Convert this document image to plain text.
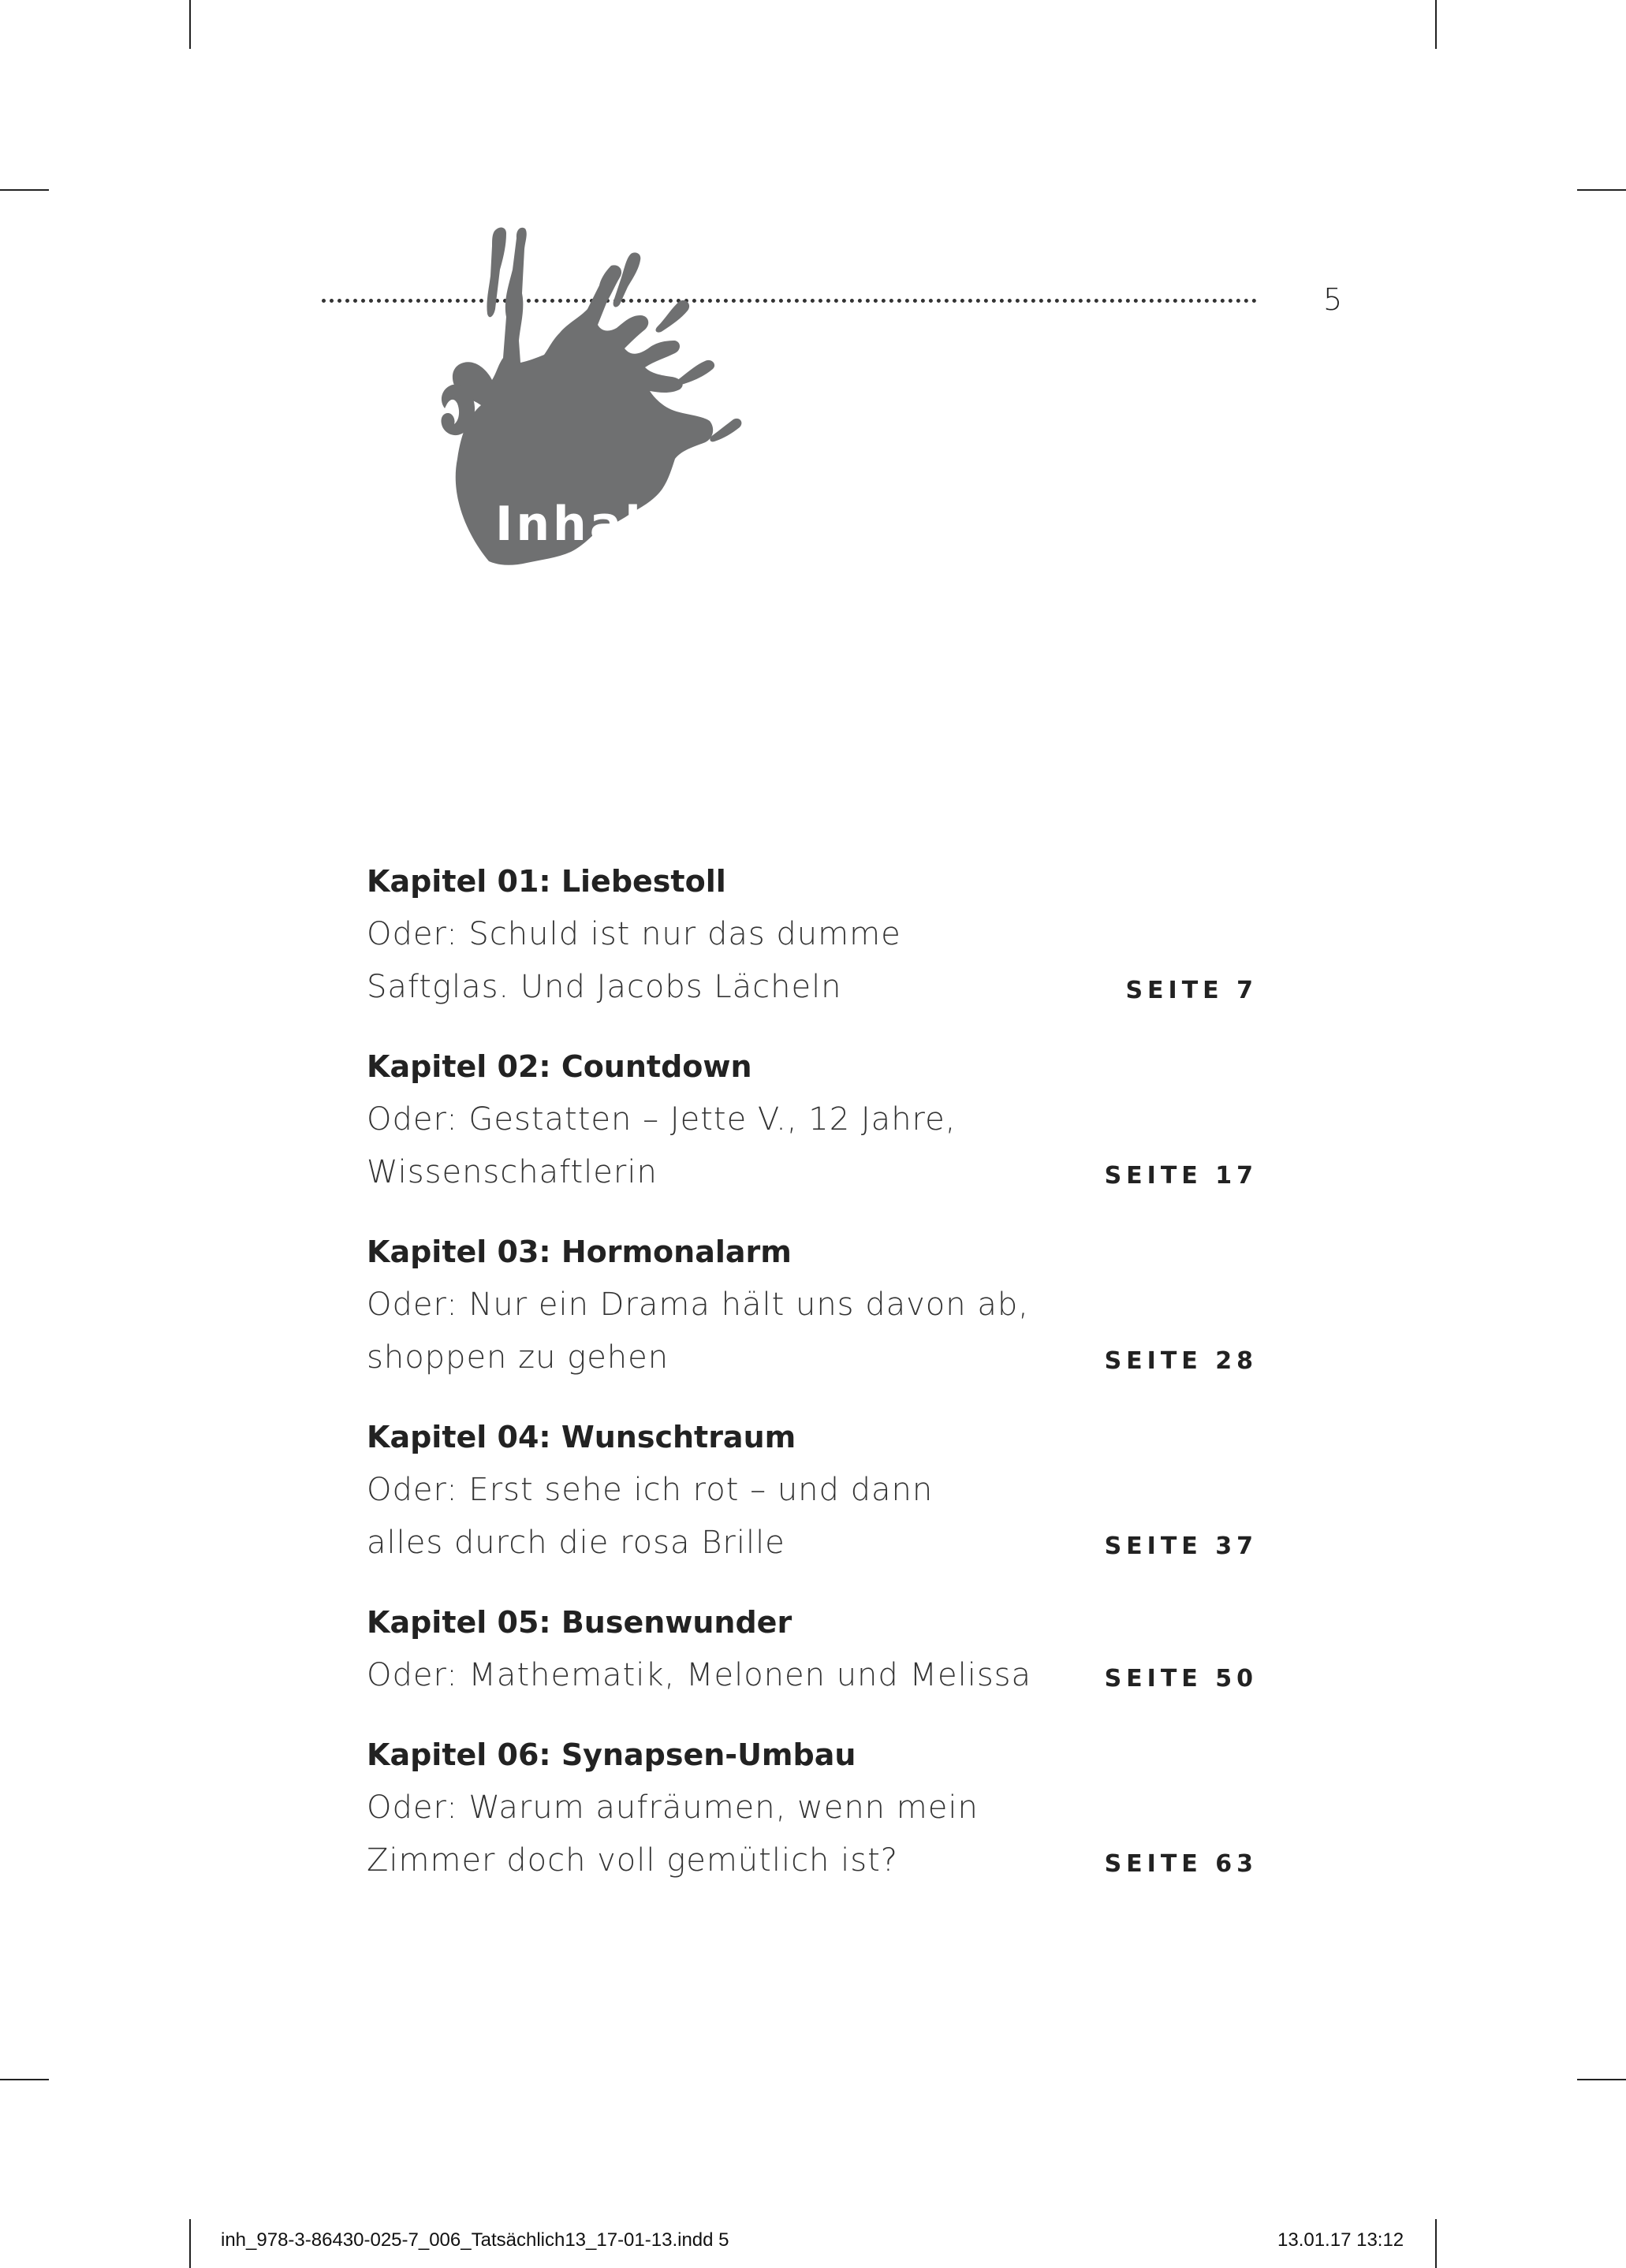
5
Inhalt
Kapitel 01: Liebestoll
Oder: Schuld ist nur das dumme
Saftglas. Und Jacobs Lächeln	SEITE 7
Kapitel 02: Countdown
Oder: Gestatten – Jette V., 12 Jahre,
Wissenschaftlerin	SEITE 17
Kapitel 03: Hormonalarm
Oder: Nur ein Drama hält uns davon ab,
shoppen zu gehen	SEITE 28
Kapitel 04: Wunschtraum
Oder: Erst sehe ich rot – und dann
alles durch die rosa Brille	SEITE 37
Kapitel 05: Busenwunder
Oder: Mathematik, Melonen und Melissa	SEITE 50
Kapitel 06: Synapsen-Umbau
Oder: Warum aufräumen, wenn mein
Zimmer doch voll gemütlich ist?	SEITE 63
inh_978-3-86430-025-7_006_Tatsächlich13_17-01-13.indd 5	13.01.17 13:12
